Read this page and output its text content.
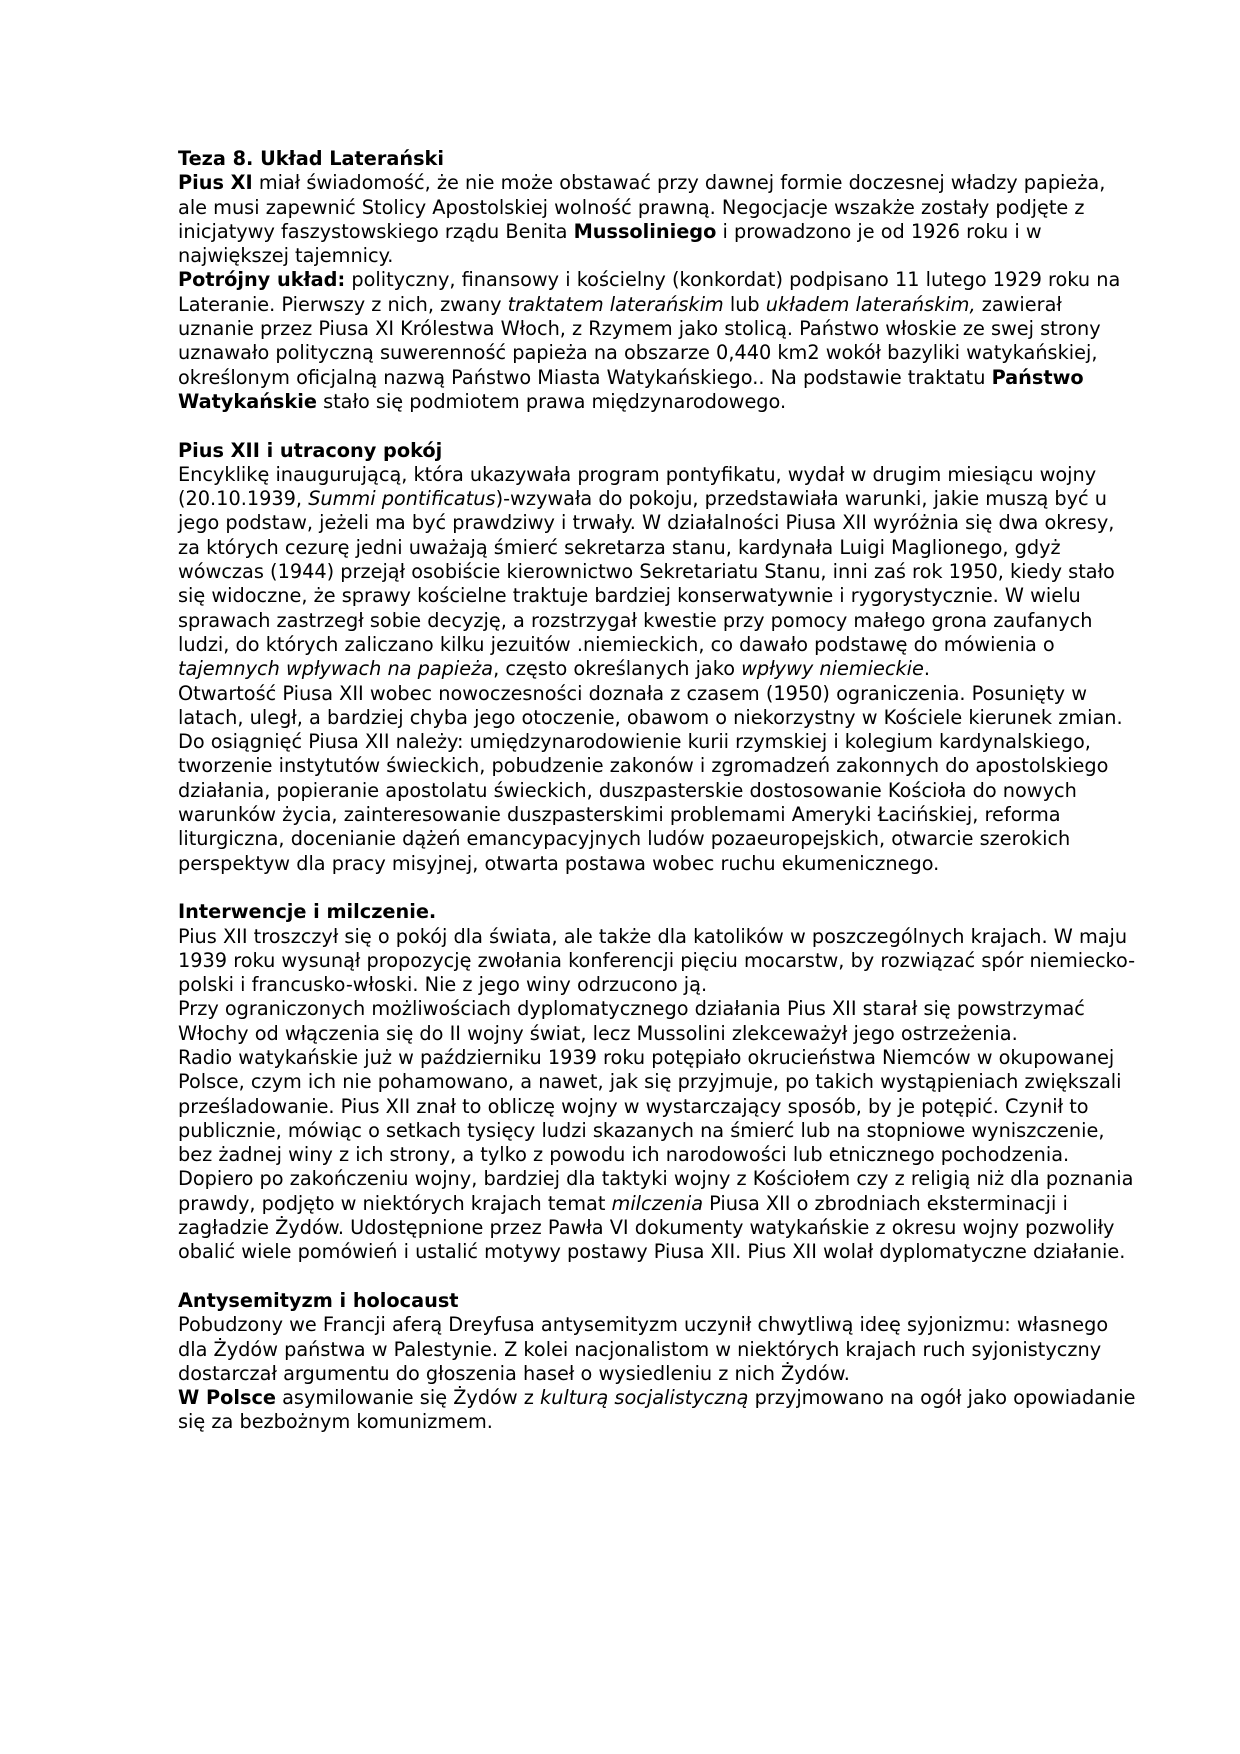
Teza 8. Układ Laterański

Pius XI miał świadomość, że nie może obstawać przy dawnej formie doczesnej władzy papieża, ale musi zapewnić Stolicy Apostolskiej wolność prawną. Negocjacje wszakże zostały podjęte z inicjatywy faszystowskiego rządu Benita Mussoliniego i prowadzono je od 1926 roku i w największej tajemnicy.

Potrójny układ: polityczny, finansowy i kościelny (konkordat) podpisano 11 lutego 1929 roku na Lateranie. Pierwszy z nich, zwany traktatem laterańskim lub układem laterańskim, zawierał uznanie przez Piusa XI Królestwa Włoch, z Rzymem jako stolicą. Państwo włoskie ze swej strony uznawało polityczną suwerenność papieża na obszarze 0,440 km2 wokół bazyliki watykańskiej, określonym oficjalną nazwą Państwo Miasta Watykańskiego.. Na podstawie traktatu Państwo Watykańskie stało się podmiotem prawa międzynarodowego.

Pius XII i utracony pokój

Encyklikę inaugurującą, która ukazywała program pontyfikatu, wydał w drugim miesiącu wojny (20.10.1939, Summi pontificatus)-wzywała do pokoju, przedstawiała warunki, jakie muszą być u jego podstaw, jeżeli ma być prawdziwy i trwały. W działalności Piusa XII wyróżnia się dwa okresy, za których cezurę jedni uważają śmierć sekretarza stanu, kardynała Luigi Maglionego, gdyż wówczas (1944) przejął osobiście kierownictwo Sekretariatu Stanu, inni zaś rok 1950, kiedy stało się widoczne, że sprawy kościelne traktuje bardziej konserwatywnie i rygorystycznie. W wielu sprawach zastrzegł sobie decyzję, a rozstrzygał kwestie przy pomocy małego grona zaufanych ludzi, do których zaliczano kilku jezuitów .niemieckich, co dawało podstawę do mówienia o tajemnych wpływach na papieża, często określanych jako wpływy niemieckie.

Otwartość Piusa XII wobec nowoczesności doznała z czasem (1950) ograniczenia. Posunięty w latach, uległ, a bardziej chyba jego otoczenie, obawom o niekorzystny w Kościele kierunek zmian.

Do osiągnięć Piusa XII należy: umiędzynarodowienie kurii rzymskiej i kolegium kardynalskiego, tworzenie instytutów świeckich, pobudzenie zakonów i zgromadzeń zakonnych do apostolskiego działania, popieranie apostolatu świeckich, duszpasterskie dostosowanie Kościoła do nowych warunków życia, zainteresowanie duszpasterskimi problemami Ameryki Łacińskiej, reforma liturgiczna, docenianie dążeń emancypacyjnych ludów pozaeuropejskich, otwarcie szerokich perspektyw dla pracy misyjnej, otwarta postawa wobec ruchu ekumenicznego.

Interwencje i milczenie.

Pius XII troszczył się o pokój dla świata, ale także dla katolików w poszczególnych krajach. W maju 1939 roku wysunął propozycję zwołania konferencji pięciu mocarstw, by rozwiązać spór niemiecko-polski i francusko-włoski. Nie z jego winy odrzucono ją.

Przy ograniczonych możliwościach dyplomatycznego działania Pius XII starał się powstrzymać Włochy od włączenia się do II wojny świat, lecz Mussolini zlekceważył jego ostrzeżenia.

Radio watykańskie już w październiku 1939 roku potępiało okrucieństwa Niemców w okupowanej Polsce, czym ich nie pohamowano, a nawet, jak się przyjmuje, po takich wystąpieniach zwiększali prześladowanie. Pius XII znał to obliczę wojny w wystarczający sposób, by je potępić. Czynił to publicznie, mówiąc o setkach tysięcy ludzi skazanych na śmierć lub na stopniowe wyniszczenie, bez żadnej winy z ich strony, a tylko z powodu ich narodowości lub etnicznego pochodzenia.

Dopiero po zakończeniu wojny, bardziej dla taktyki wojny z Kościołem czy z religią niż dla poznania prawdy, podjęto w niektórych krajach temat milczenia Piusa XII o zbrodniach eksterminacji i zagładzie Żydów. Udostępnione przez Pawła VI dokumenty watykańskie z okresu wojny pozwoliły obalić wiele pomówień i ustalić motywy postawy Piusa XII. Pius XII wolał dyplomatyczne działanie.

Antysemityzm i holocaust

Pobudzony we Francji aferą Dreyfusa antysemityzm uczynił chwytliwą ideę syjonizmu: własnego dla Żydów państwa w Palestynie. Z kolei nacjonalistom w niektórych krajach ruch syjonistyczny dostarczał argumentu do głoszenia haseł o wysiedleniu z nich Żydów.

W Polsce asymilowanie się Żydów z kulturą socjalistyczną przyjmowano na ogół jako opowiadanie się za bezbożnym komunizmem.
